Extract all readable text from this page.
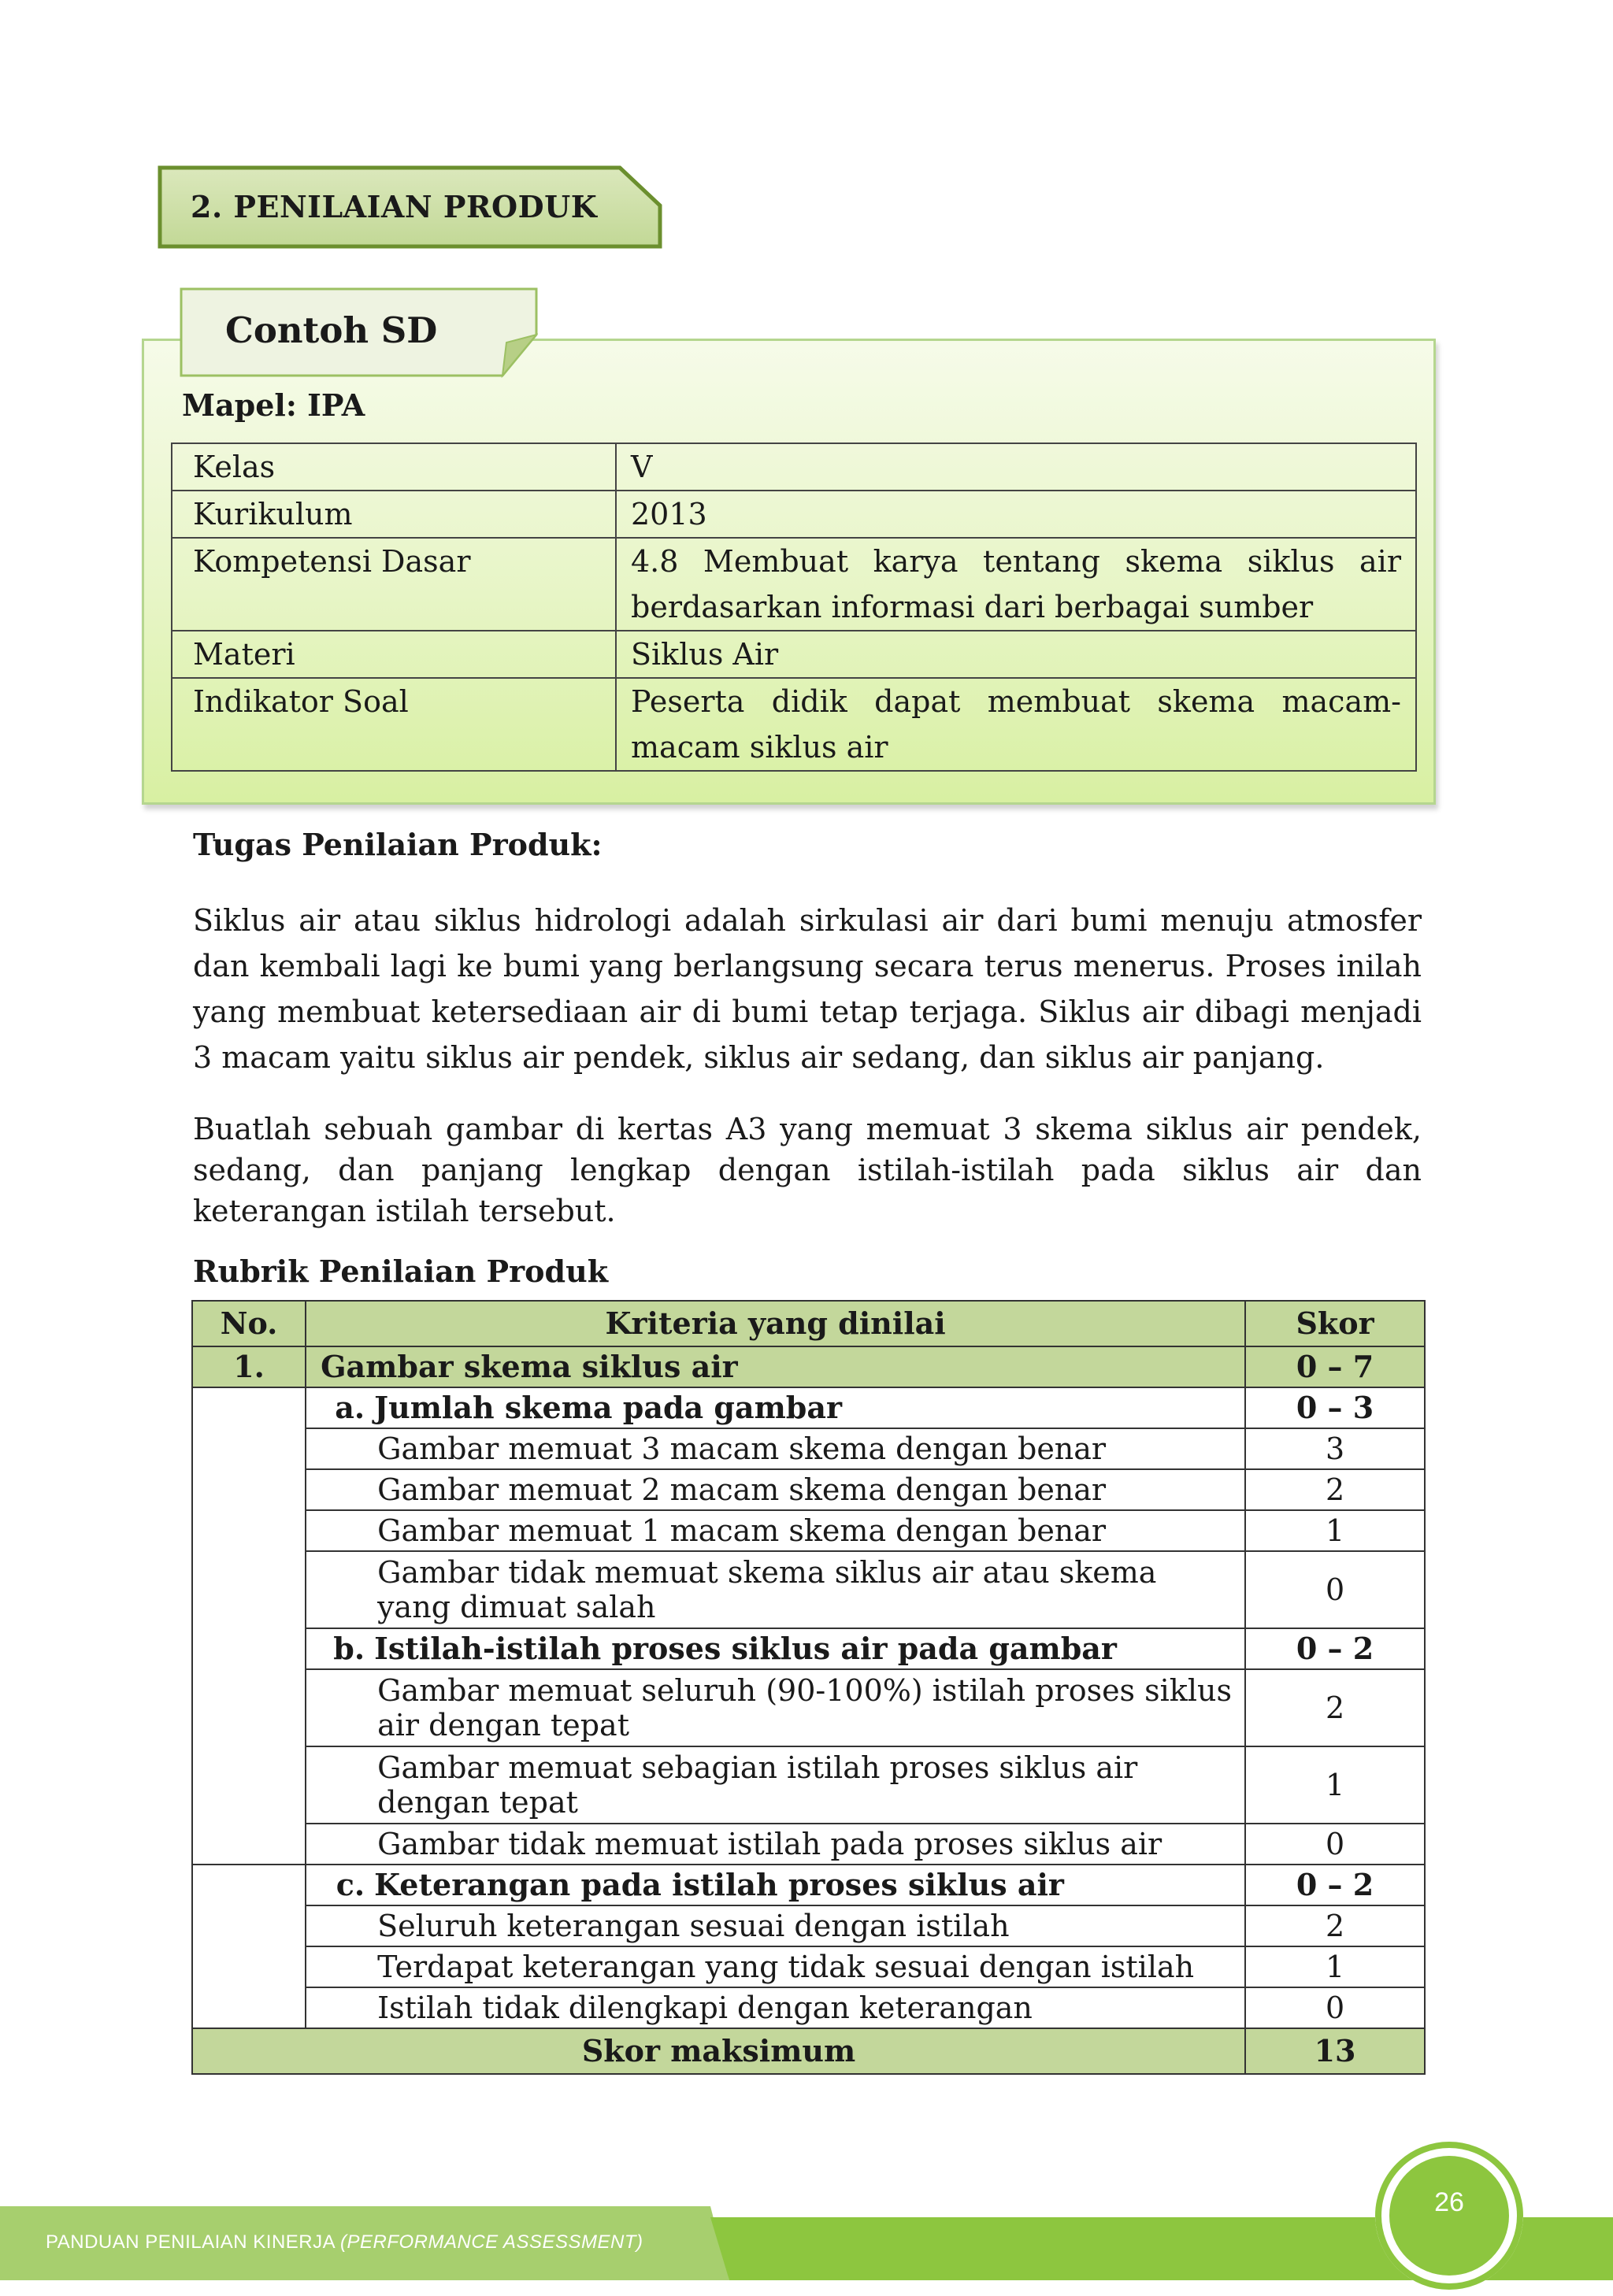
2. PENILAIAN PRODUK
Contoh SD
Mapel: IPA
Kelas	V
Kurikulum	2013
Kompetensi Dasar	4.8 Membuat karya tentang skema siklus air berdasarkan informasi dari berbagai sumber
Materi	Siklus Air
Indikator Soal	Peserta didik dapat membuat skema macam-macam siklus air
Tugas Penilaian Produk:
Siklus air atau siklus hidrologi adalah sirkulasi air dari bumi menuju atmosfer dan kembali lagi ke bumi yang berlangsung secara terus menerus. Proses inilah yang membuat ketersediaan air di bumi tetap terjaga. Siklus air dibagi menjadi 3 macam yaitu siklus air pendek, siklus air sedang, dan siklus air panjang.
Buatlah sebuah gambar di kertas A3 yang memuat 3 skema siklus air pendek, sedang, dan panjang lengkap dengan istilah-istilah pada siklus air dan keterangan istilah tersebut.
Rubrik Penilaian Produk
No.	Kriteria yang dinilai	Skor
1.	Gambar skema siklus air	0 – 7
	a. Jumlah skema pada gambar	0 – 3
	Gambar memuat 3 macam skema dengan benar	3
	Gambar memuat 2 macam skema dengan benar	2
	Gambar memuat 1 macam skema dengan benar	1
	Gambar tidak memuat skema siklus air atau skema yang dimuat salah	0
	b. Istilah-istilah proses siklus air pada gambar	0 – 2
	Gambar memuat seluruh (90-100%) istilah proses siklus air dengan tepat	2
	Gambar memuat sebagian istilah proses siklus air dengan tepat	1
	Gambar tidak memuat istilah pada proses siklus air	0
	c. Keterangan pada istilah proses siklus air	0 – 2
	Seluruh keterangan sesuai dengan istilah	2
	Terdapat keterangan yang tidak sesuai dengan istilah	1
	Istilah tidak dilengkapi dengan keterangan	0
Skor maksimum		13
PANDUAN PENILAIAN KINERJA (PERFORMANCE ASSESSMENT)
26
